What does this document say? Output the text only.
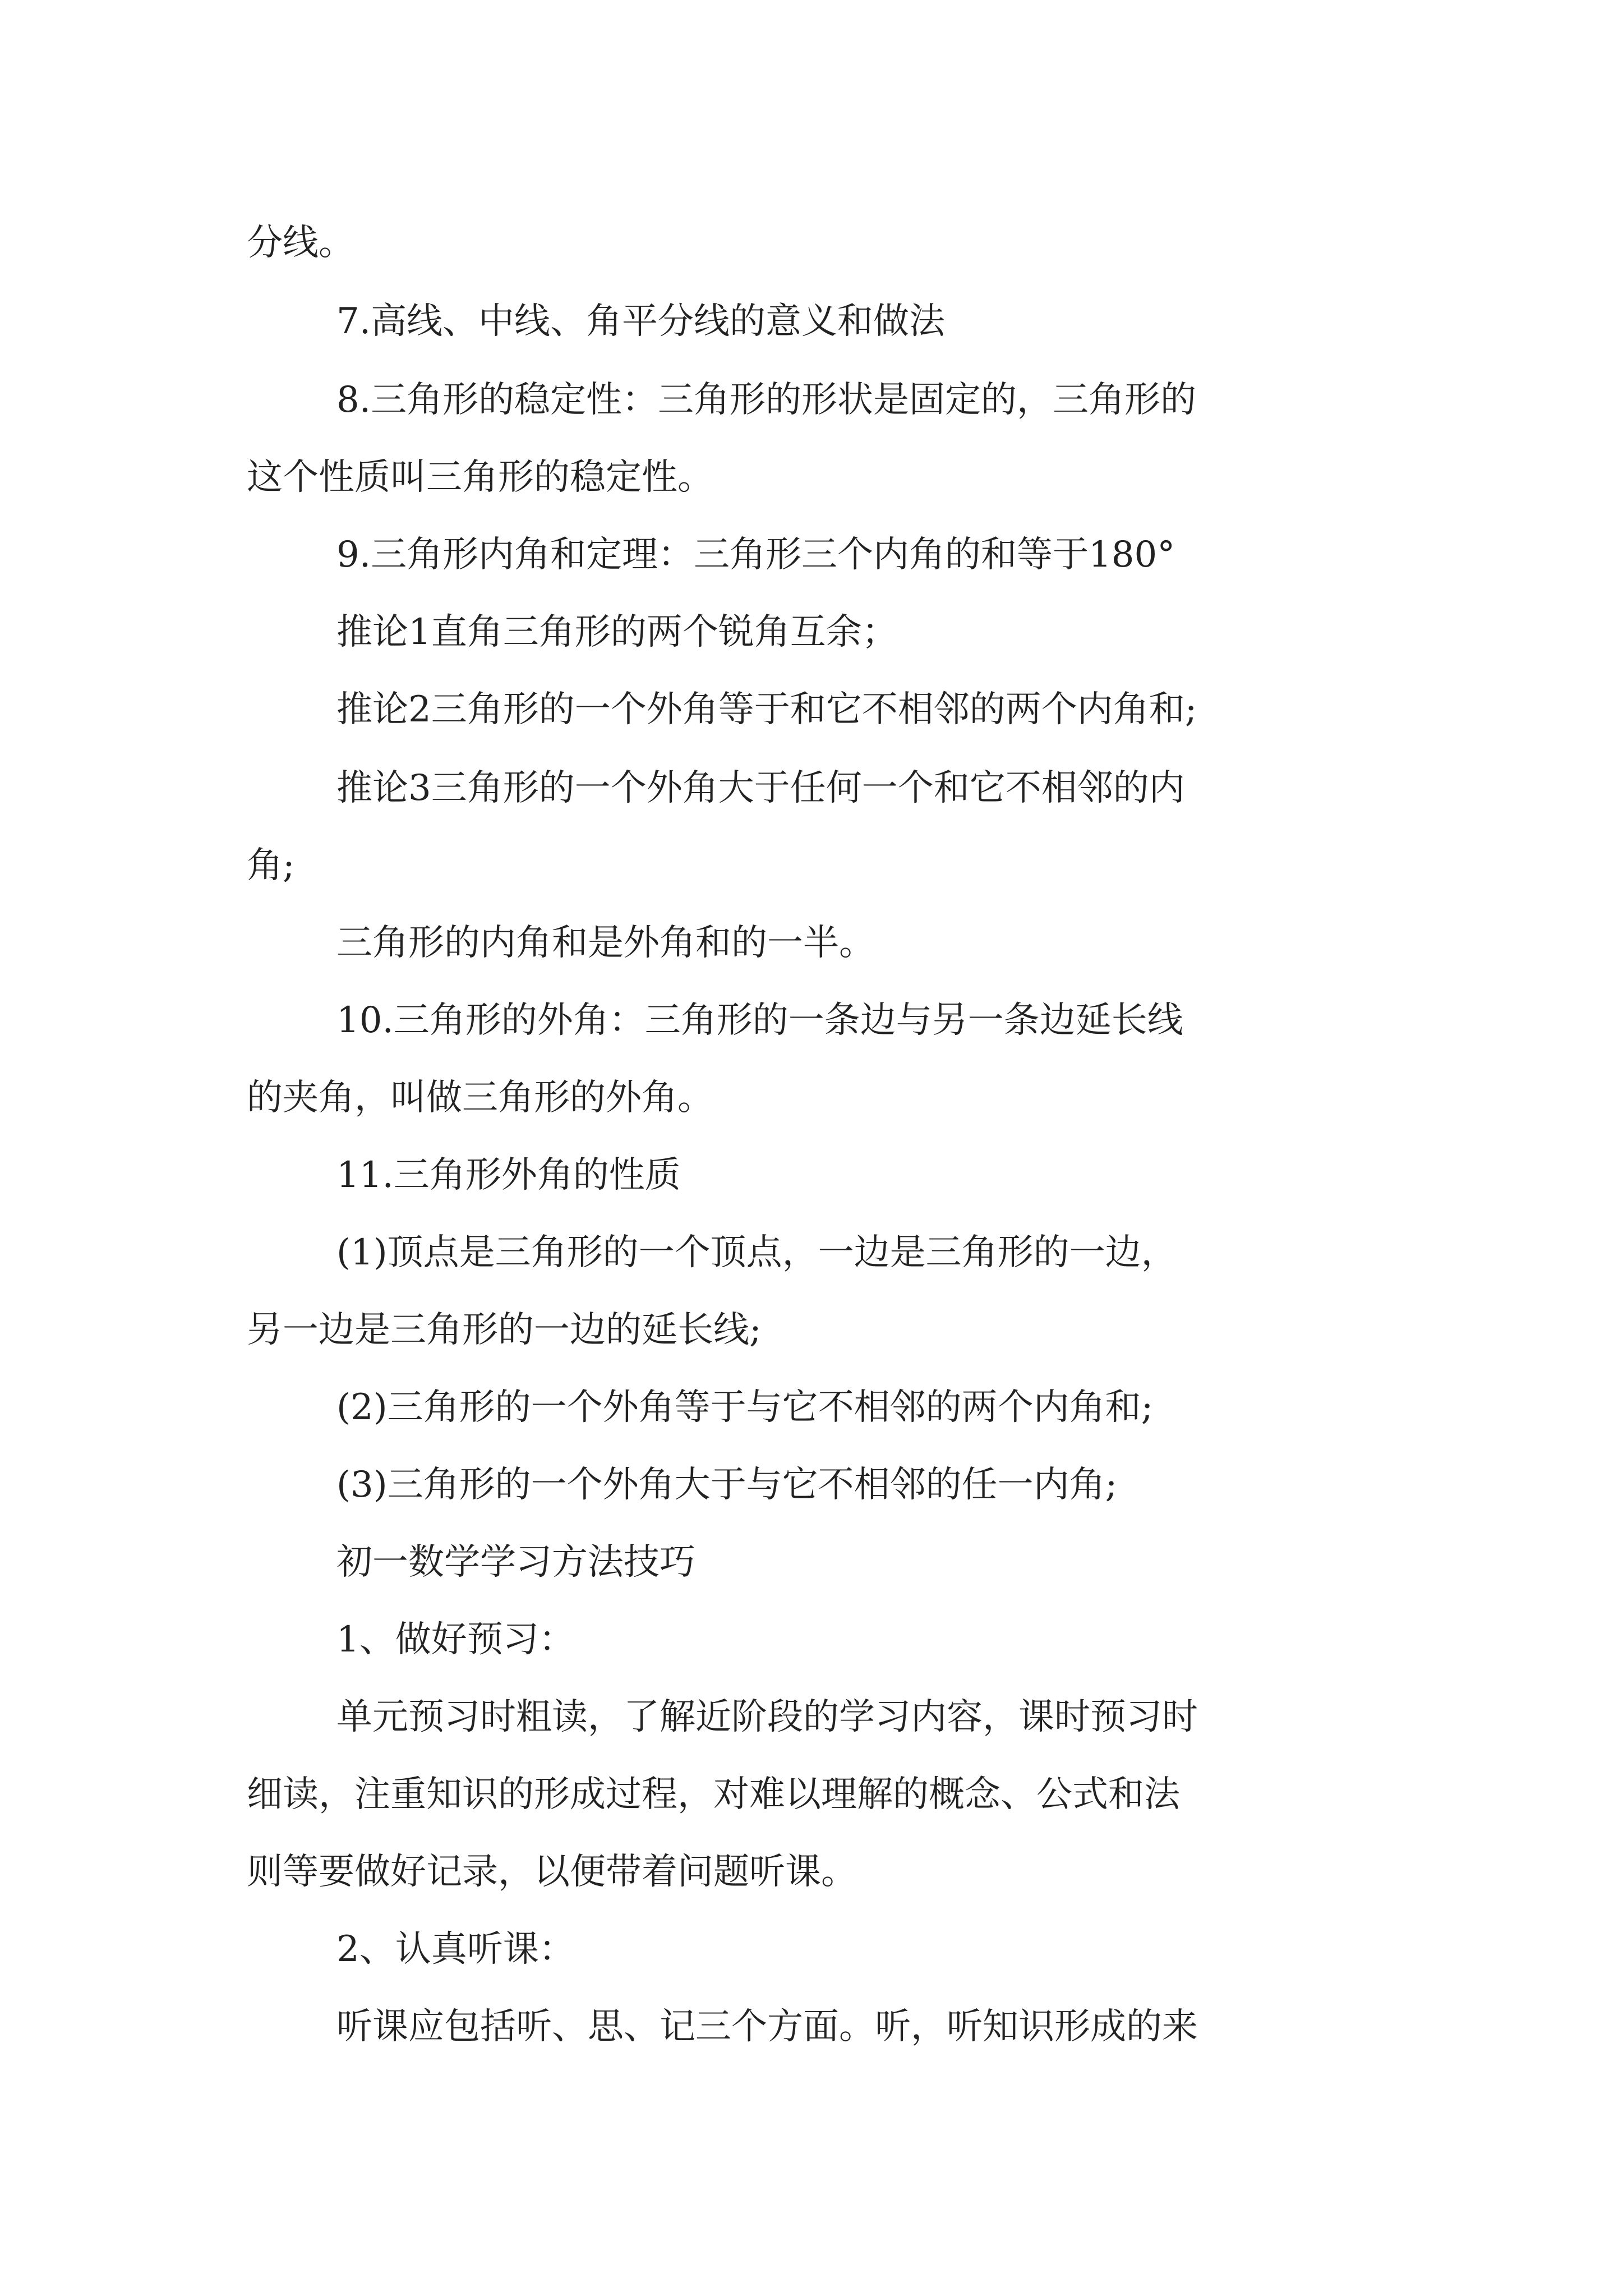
分线。
7.高线、中线、角平分线的意义和做法
8.三角形的稳定性：三角形的形状是固定的，三角形的
这个性质叫三角形的稳定性。
9.三角形内角和定理：三角形三个内角的和等于180°
推论1直角三角形的两个锐角互余；
推论2三角形的一个外角等于和它不相邻的两个内角和;
推论3三角形的一个外角大于任何一个和它不相邻的内
角;
三角形的内角和是外角和的一半。
10.三角形的外角：三角形的一条边与另一条边延长线
的夹角，叫做三角形的外角。
11.三角形外角的性质
(1)顶点是三角形的一个顶点，一边是三角形的一边，
另一边是三角形的一边的延长线;
(2)三角形的一个外角等于与它不相邻的两个内角和;
(3)三角形的一个外角大于与它不相邻的任一内角;
初一数学学习方法技巧
1、做好预习：
单元预习时粗读，了解近阶段的学习内容，课时预习时
细读，注重知识的形成过程，对难以理解的概念、公式和法
则等要做好记录，以便带着问题听课。
2、认真听课：
听课应包括听、思、记三个方面。听，听知识形成的来
